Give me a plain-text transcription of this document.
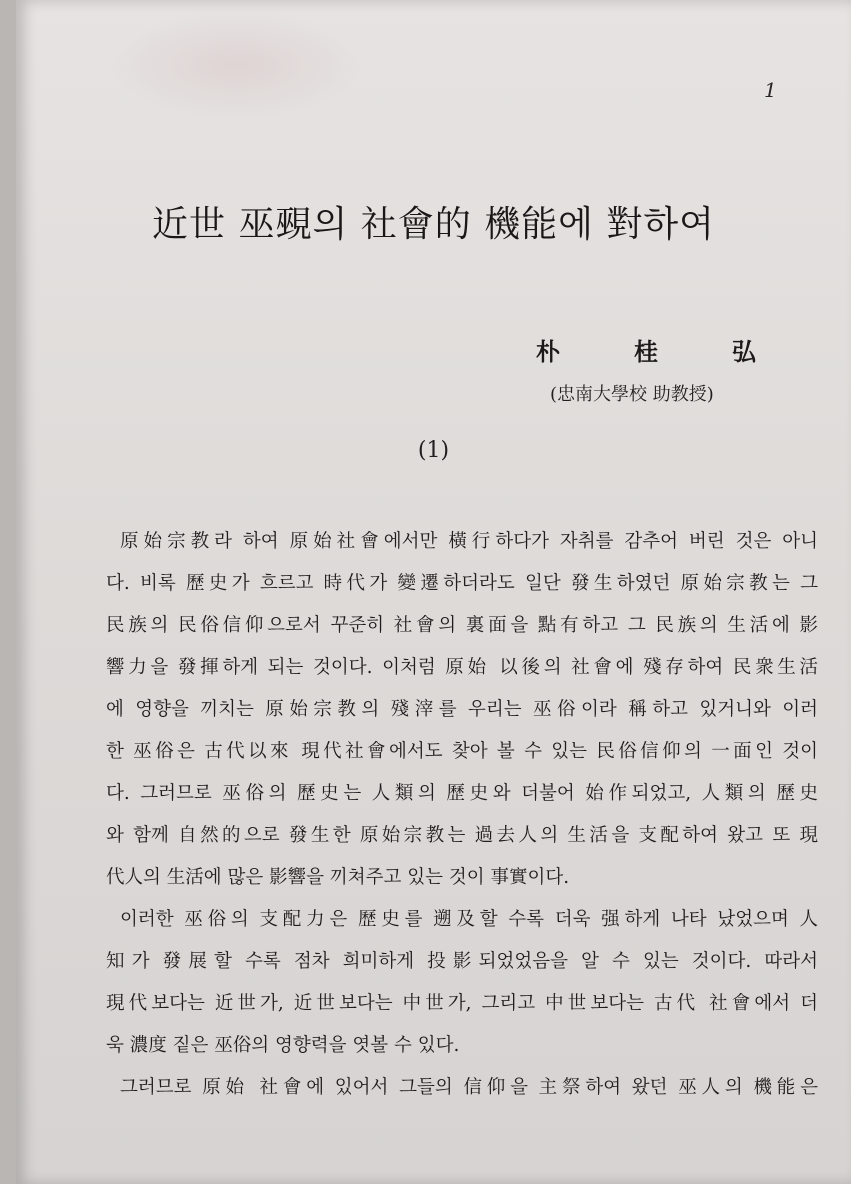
1
近世 巫覡의 社會的 機能에 對하여
朴	桂	弘
(忠南大學校 助教授)
(1)
原始宗教라 하여 原始社會에서만 橫行하다가 자취를 감추어 버린 것은 아니
다. 비록 歷史가 흐르고 時代가 變遷하더라도 일단 發生하였던 原始宗教는 그
民族의 民俗信仰으로서 꾸준히 社會의 裏面을 點有하고 그 民族의 生活에 影
響力을 發揮하게 되는 것이다. 이처럼 原始 以後의 社會에 殘存하여 民衆生活
에 영향을 끼치는 原始宗教의 殘滓를 우리는 巫俗이라 稱하고 있거니와 이러
한 巫俗은 古代以來 現代社會에서도 찾아 볼 수 있는 民俗信仰의 一面인 것이
다. 그러므로 巫俗의 歷史는 人類의 歷史와 더불어 始作되었고, 人類의 歷史
와 함께 自然的으로 發生한 原始宗教는 過去人의 生活을 支配하여 왔고 또 現
代人의 生活에 많은 影響을 끼쳐주고 있는 것이 事實이다.
이러한 巫俗의 支配力은 歷史를 遡及할 수록 더욱 强하게 나타 났었으며 人
知가 發展할 수록 점차 희미하게 投影되었었음을 알 수 있는 것이다. 따라서
現代보다는 近世가, 近世보다는 中世가, 그리고 中世보다는 古代 社會에서 더
욱 濃度 짙은 巫俗의 영향력을 엿볼 수 있다.
그러므로 原始 社會에 있어서 그들의 信仰을 主祭하여 왔던 巫人의 機能은
